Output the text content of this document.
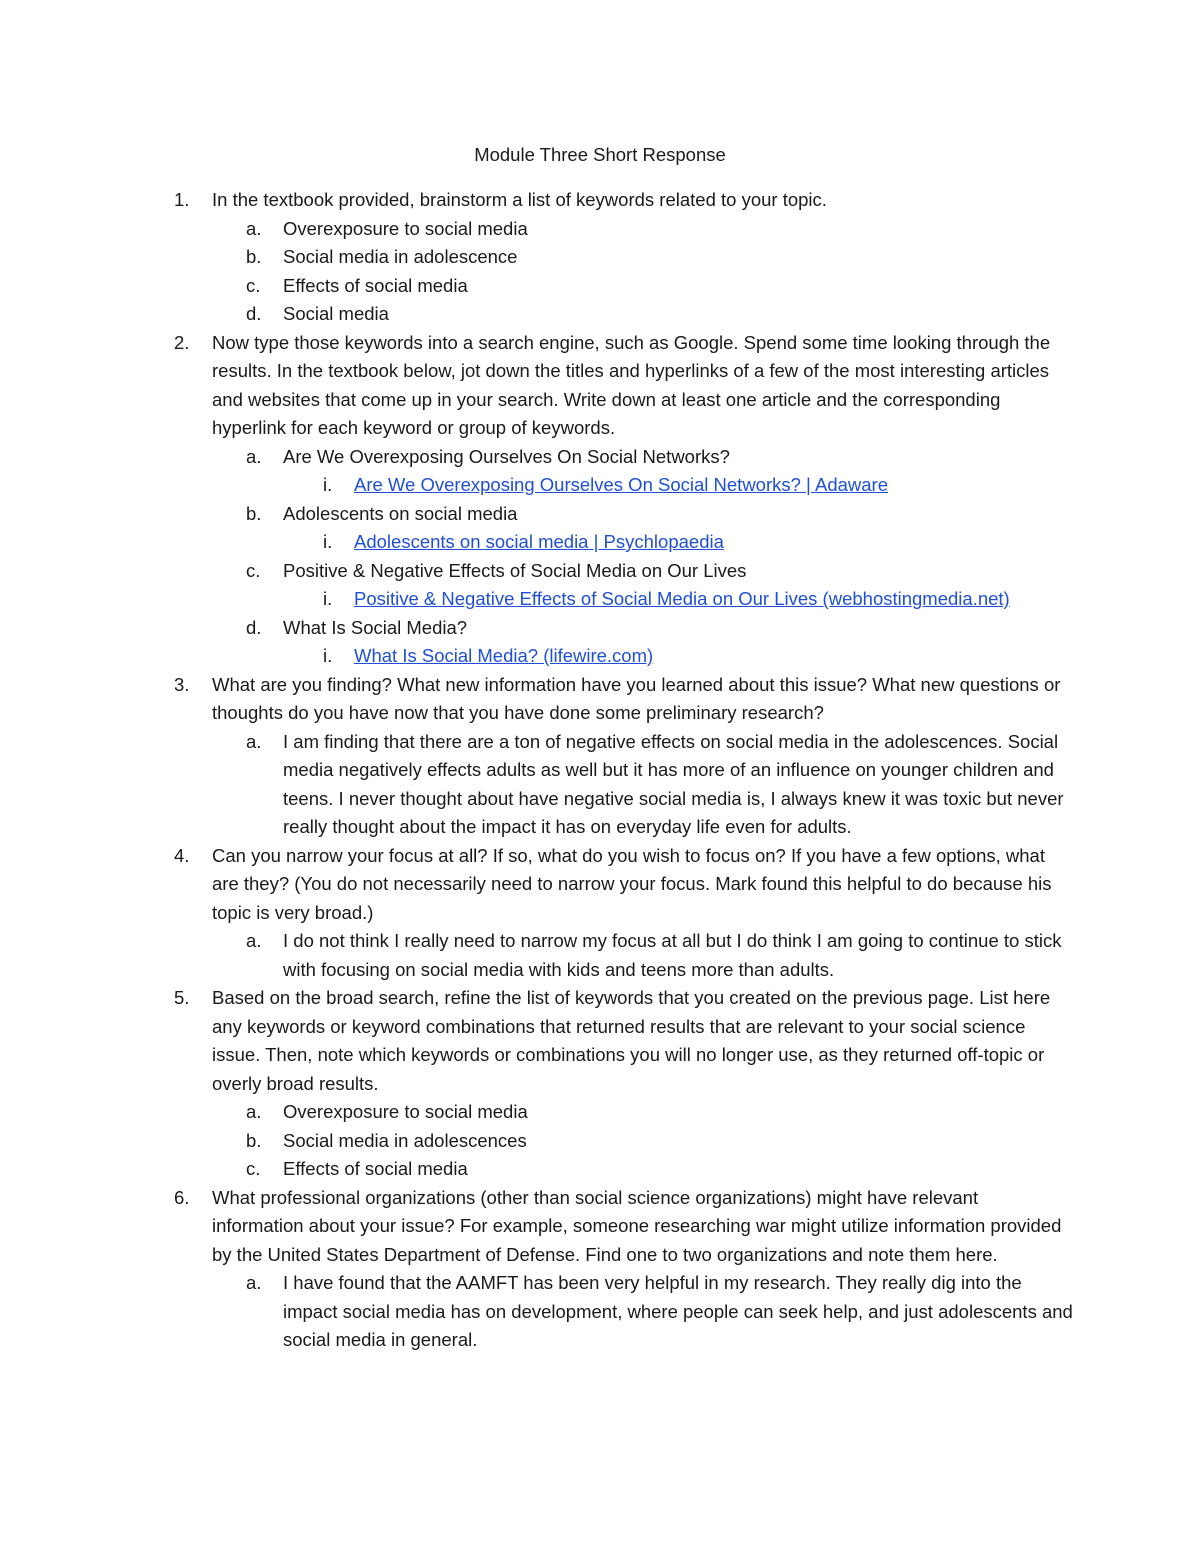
Module Three Short Response
1. In the textbook provided, brainstorm a list of keywords related to your topic.
a. Overexposure to social media
b. Social media in adolescence
c. Effects of social media
d. Social media
2. Now type those keywords into a search engine, such as Google. Spend some time looking through the results. In the textbook below, jot down the titles and hyperlinks of a few of the most interesting articles and websites that come up in your search. Write down at least one article and the corresponding hyperlink for each keyword or group of keywords.
a. Are We Overexposing Ourselves On Social Networks?
i. Are We Overexposing Ourselves On Social Networks? | Adaware
b. Adolescents on social media
i. Adolescents on social media | Psychlopaedia
c. Positive & Negative Effects of Social Media on Our Lives
i. Positive & Negative Effects of Social Media on Our Lives (webhostingmedia.net)
d. What Is Social Media?
i. What Is Social Media? (lifewire.com)
3. What are you finding? What new information have you learned about this issue? What new questions or thoughts do you have now that you have done some preliminary research?
a. I am finding that there are a ton of negative effects on social media in the adolescences. Social media negatively effects adults as well but it has more of an influence on younger children and teens. I never thought about have negative social media is, I always knew it was toxic but never really thought about the impact it has on everyday life even for adults.
4. Can you narrow your focus at all? If so, what do you wish to focus on? If you have a few options, what are they? (You do not necessarily need to narrow your focus. Mark found this helpful to do because his topic is very broad.)
a. I do not think I really need to narrow my focus at all but I do think I am going to continue to stick with focusing on social media with kids and teens more than adults.
5. Based on the broad search, refine the list of keywords that you created on the previous page. List here any keywords or keyword combinations that returned results that are relevant to your social science issue. Then, note which keywords or combinations you will no longer use, as they returned off-topic or overly broad results.
a. Overexposure to social media
b. Social media in adolescences
c. Effects of social media
6. What professional organizations (other than social science organizations) might have relevant information about your issue? For example, someone researching war might utilize information provided by the United States Department of Defense. Find one to two organizations and note them here.
a. I have found that the AAMFT has been very helpful in my research. They really dig into the impact social media has on development, where people can seek help, and just adolescents and social media in general.
